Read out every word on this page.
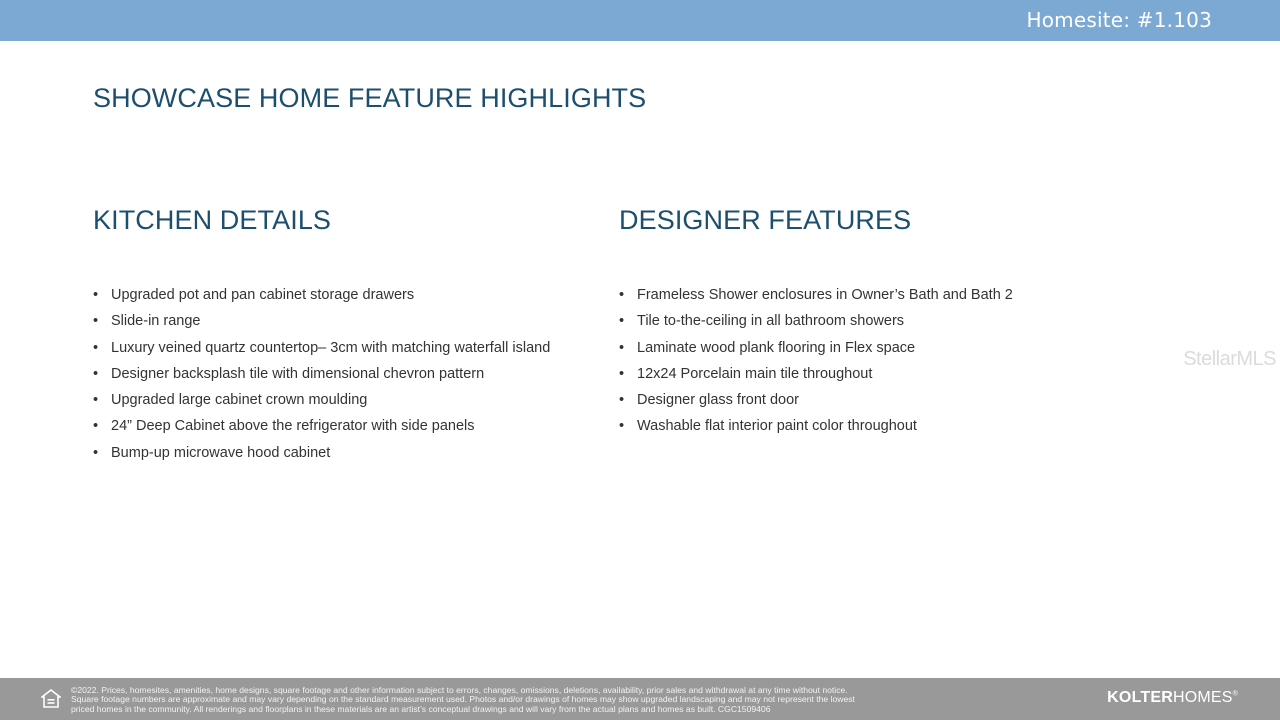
Homesite: #1.103
SHOWCASE HOME FEATURE HIGHLIGHTS
KITCHEN DETAILS
• Upgraded pot and pan cabinet storage drawers
• Slide-in range
• Luxury veined quartz countertop– 3cm with matching waterfall island
• Designer backsplash tile with dimensional chevron pattern
• Upgraded large cabinet crown moulding
• 24” Deep Cabinet above the refrigerator with side panels
• Bump-up microwave hood cabinet
DESIGNER FEATURES
• Frameless Shower enclosures in Owner’s Bath and Bath 2
• Tile to-the-ceiling in all bathroom showers
• Laminate wood plank flooring in Flex space
• 12x24 Porcelain main tile throughout
• Designer glass front door
• Washable flat interior paint color throughout
StellarMLS
©2022. Prices, homesites, amenities, home designs, square footage and other information subject to errors, changes, omissions, deletions, availability, prior sales and withdrawal at any time without notice.
Square footage numbers are approximate and may vary depending on the standard measurement used. Photos and/or drawings of homes may show upgraded landscaping and may not represent the lowest
priced homes in the community. All renderings and floorplans in these materials are an artist’s conceptual drawings and will vary from the actual plans and homes as built. CGC1509406
KOLTERHOMES®
